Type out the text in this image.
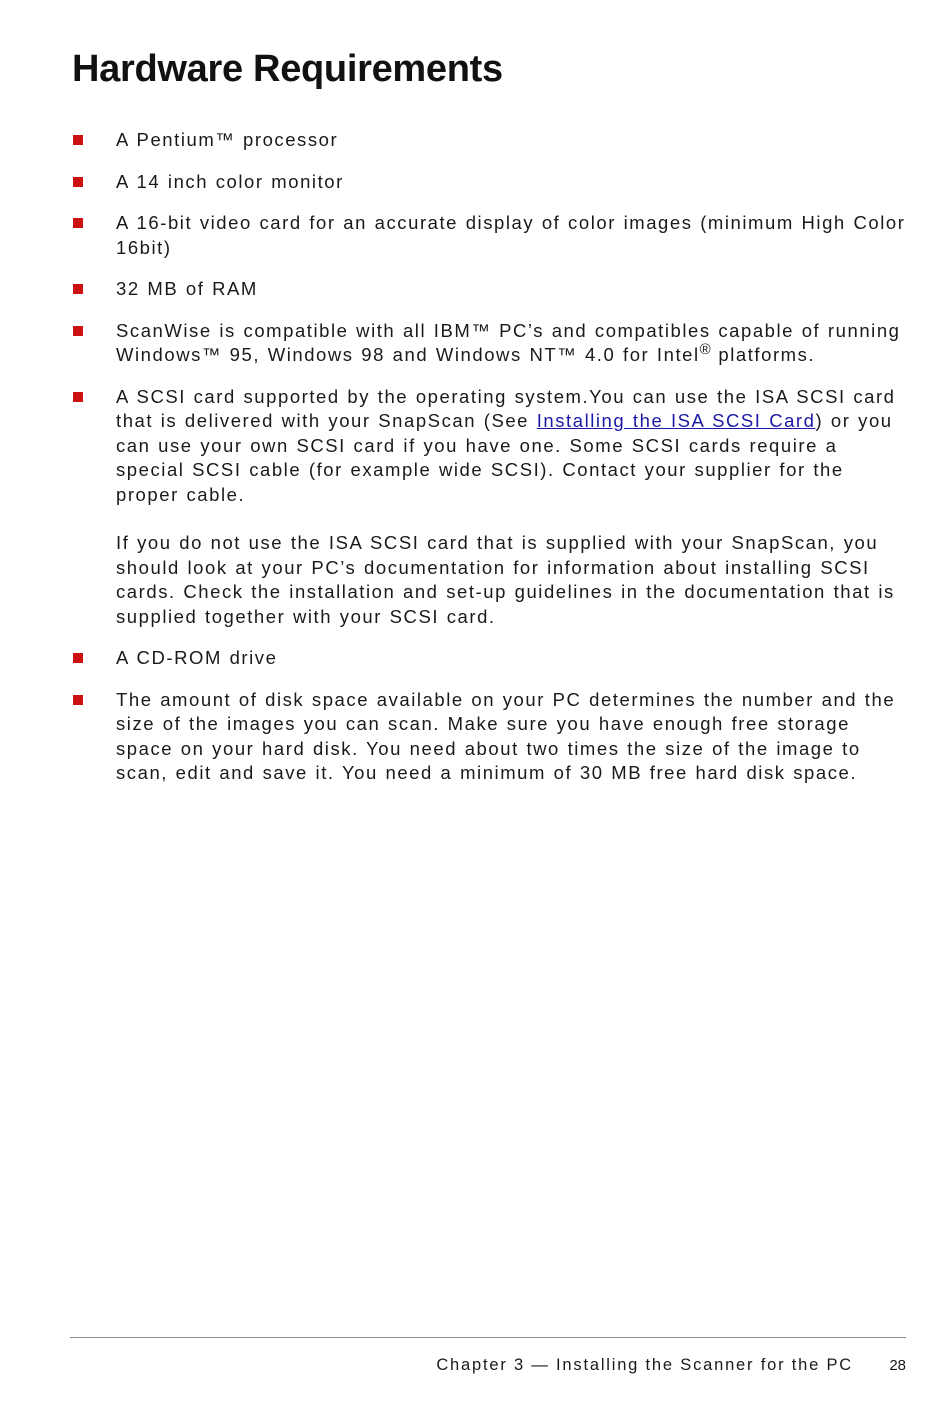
Hardware Requirements

A Pentium™ processor

A 14 inch color monitor

A 16-bit video card for an accurate display of color images (minimum High Color 16bit)

32 MB of RAM

ScanWise is compatible with all IBM™ PC’s and compatibles capable of running Windows™ 95, Windows 98 and Windows NT™ 4.0 for Intel® platforms.

A SCSI card supported by the operating system.You can use the ISA SCSI card that is delivered with your SnapScan (See Installing the ISA SCSI Card) or you can use your own SCSI card if you have one. Some SCSI cards require a special SCSI cable (for example wide SCSI). Contact your supplier for the proper cable.

If you do not use the ISA SCSI card that is supplied with your SnapScan, you should look at your PC’s documentation for information about installing SCSI cards. Check the installation and set-up guidelines in the documentation that is supplied together with your SCSI card.

A CD-ROM drive

The amount of disk space available on your PC determines the number and the size of the images you can scan. Make sure you have enough free storage space on your hard disk. You need about two times the size of the image to scan, edit and save it. You need a minimum of 30 MB free hard disk space.

Chapter 3 — Installing the Scanner for the PC 28
